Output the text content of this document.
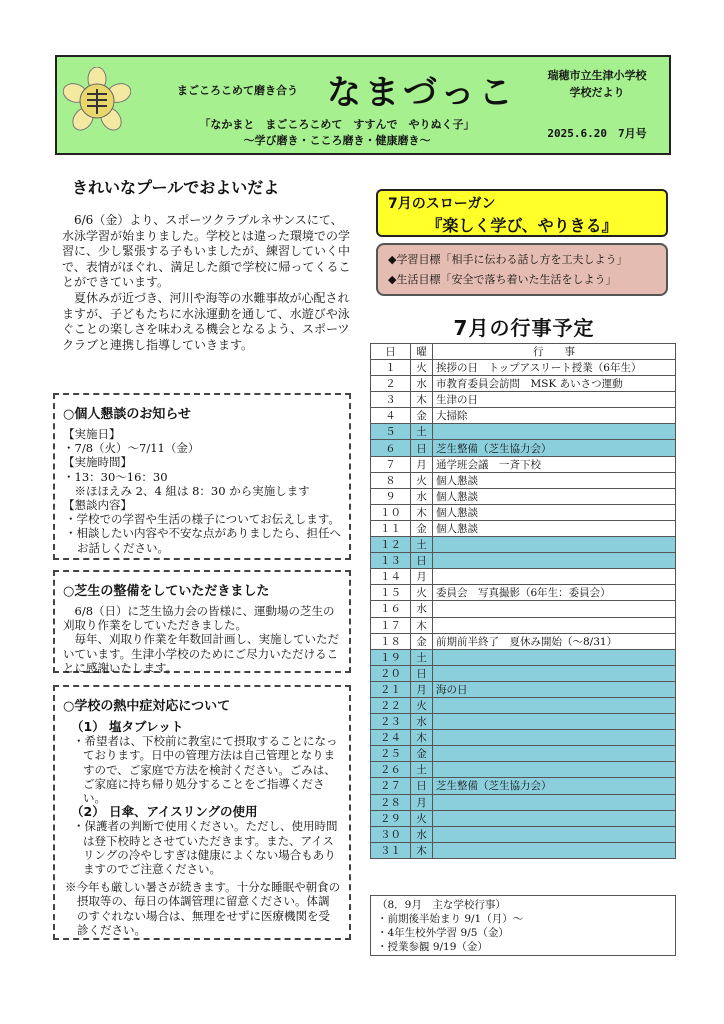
まごころこめて磨き合う なまづっこ	瑞穂市立生津小学校
学校だより
「なかまと　まごころこめて　すすんで　やりぬく子」
～学び磨き・こころ磨き・健康磨き～
2025.6.20　7月号
きれいなプールでおよいだよ

6/6（金）より、スポーツクラブルネサンスにて、水泳学習が始まりました。学校とは違った環境での学習に、少し緊張する子もいましたが、練習していく中で、表情がほぐれ、満足した顔で学校に帰ってくることができています。

夏休みが近づき、河川や海等の水難事故が心配されますが、子どもたちに水泳運動を通して、水遊びや泳ぐことの楽しさを味わえる機会となるよう、スポーツクラブと連携し指導していきます。

○個人懇談のお知らせ
【実施日】
・7/8（火）～7/11（金）
【実施時間】
・13：30～16：30
　※ほほえみ 2、4 組は 8：30 から実施します
【懇談内容】
・学校での学習や生活の様子についてお伝えします。
・相談したい内容や不安な点がありましたら、担任へお話しください。
○芝生の整備をしていただきました
6/8（日）に芝生協力会の皆様に、運動場の芝生の刈取り作業をしていただきました。
毎年、刈取り作業を年数回計画し、実施していただいています。生津小学校のためにご尽力いただけることに感謝いたします。
○学校の熱中症対応について
（1） 塩タブレット
・希望者は、下校前に教室にて摂取することになっております。日中の管理方法は自己管理となりますので、ご家庭で方法を検討ください。ごみは、ご家庭に持ち帰り処分することをご指導ください。
（2） 日傘、アイスリングの使用
・保護者の判断で使用ください。ただし、使用時間は登下校時とさせていただきます。また、アイスリングの冷やしすぎは健康によくない場合もありますのでご注意ください。
※今年も厳しい暑さが続きます。十分な睡眠や朝食の摂取等の、毎日の体調管理に留意ください。体調のすぐれない場合は、無理をせずに医療機関を受診ください。
7月のスローガン
『楽しく学び、やりきる』
◆学習目標「相手に伝わる話し方を工夫しよう」
◆生活目標「安全で落ち着いた生活をしよう」
7月の行事予定
日	曜	行　　事
１	火	挨拶の日　トップアスリート授業（6年生）
２	水	市教育委員会訪問　MSK あいさつ運動
３	木	生津の日
４	金	大掃除
５	土	
６	日	芝生整備（芝生協力会）
７	月	通学班会議　一斉下校
８	火	個人懇談
９	水	個人懇談
１０	木	個人懇談
１１	金	個人懇談
１２	土	
１３	日	
１４	月	
１５	火	委員会　写真撮影（6年生：委員会）
１６	水	
１７	木	
１８	金	前期前半終了　夏休み開始（～8/31）
１９	土	
２０	日	
２１	月	海の日
２２	火	
２３	水	
２４	木	
２５	金	
２６	土	
２７	日	芝生整備（芝生協力会）
２８	月	
２９	火	
３０	水	
３１	木	
（8．9月　主な学校行事）
・前期後半始まり 9/1（月）～
・4年生校外学習 9/5（金）
・授業参観 9/19（金）
